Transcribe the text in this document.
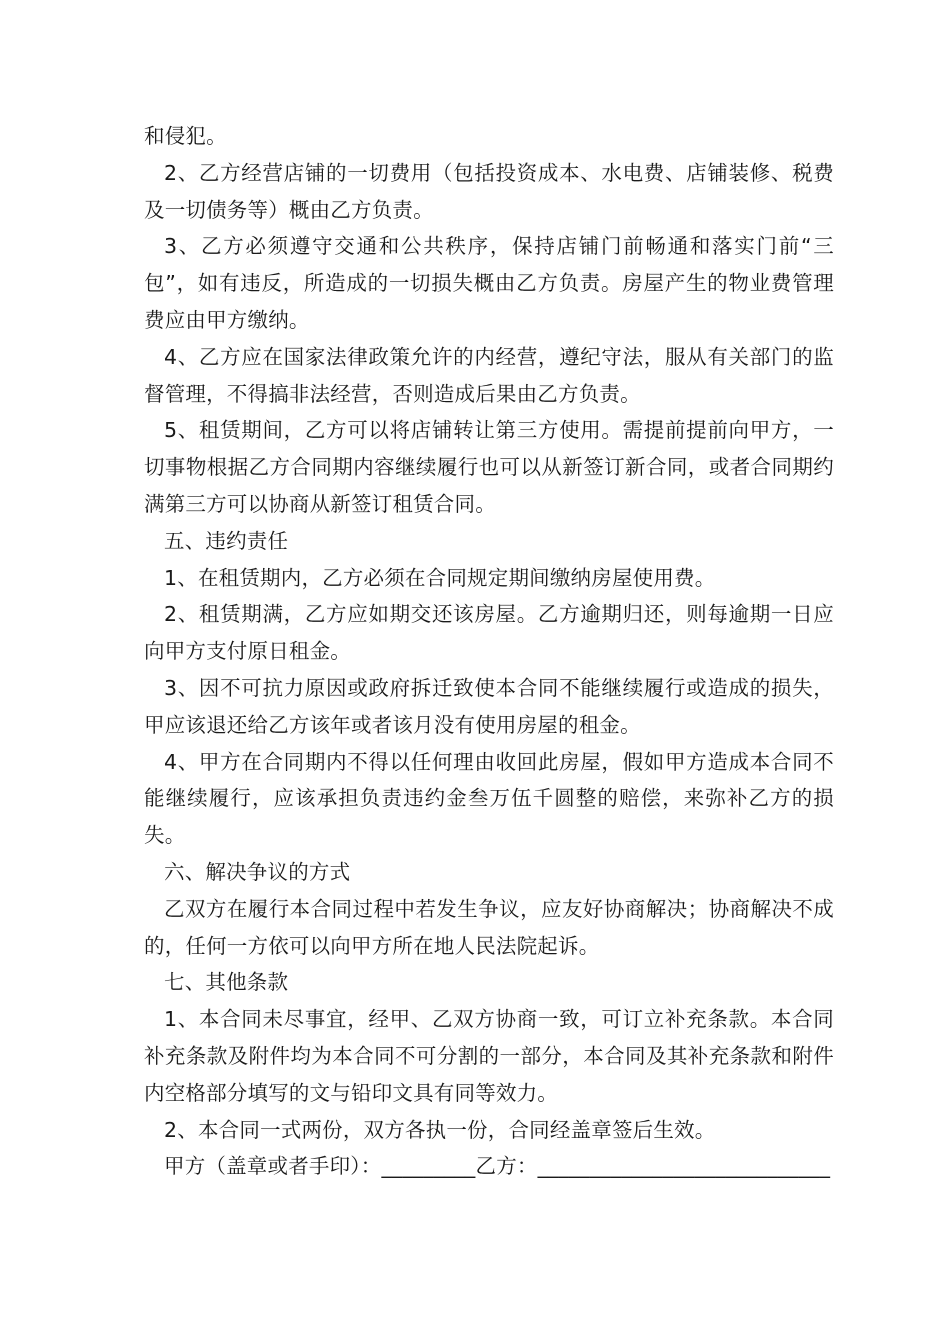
和侵犯。

2、乙方经营店铺的一切费用（包括投资成本、水电费、店铺装修、税费及一切债务等）概由乙方负责。

3、乙方必须遵守交通和公共秩序，保持店铺门前畅通和落实门前“三包”，如有违反，所造成的一切损失概由乙方负责。房屋产生的物业费管理费应由甲方缴纳。

4、乙方应在国家法律政策允许的内经营，遵纪守法，服从有关部门的监督管理，不得搞非法经营，否则造成后果由乙方负责。

5、租赁期间，乙方可以将店铺转让第三方使用。需提前提前向甲方，一切事物根据乙方合同期内容继续履行也可以从新签订新合同，或者合同期约满第三方可以协商从新签订租赁合同。

五、违约责任

1、在租赁期内，乙方必须在合同规定期间缴纳房屋使用费。

2、租赁期满，乙方应如期交还该房屋。乙方逾期归还，则每逾期一日应向甲方支付原日租金。

3、因不可抗力原因或政府拆迁致使本合同不能继续履行或造成的损失，甲应该退还给乙方该年或者该月没有使用房屋的租金。

4、甲方在合同期内不得以任何理由收回此房屋，假如甲方造成本合同不能继续履行，应该承担负责违约金叁万伍千圆整的赔偿，来弥补乙方的损失。

六、解决争议的方式

乙双方在履行本合同过程中若发生争议，应友好协商解决；协商解决不成的，任何一方依可以向甲方所在地人民法院起诉。

七、其他条款

1、本合同未尽事宜，经甲、乙双方协商一致，可订立补充条款。本合同补充条款及附件均为本合同不可分割的一部分，本合同及其补充条款和附件内空格部分填写的文与铅印文具有同等效力。

2、本合同一式两份，双方各执一份，合同经盖章签后生效。

甲方（盖章或者手印）：_________乙方：____________________________
